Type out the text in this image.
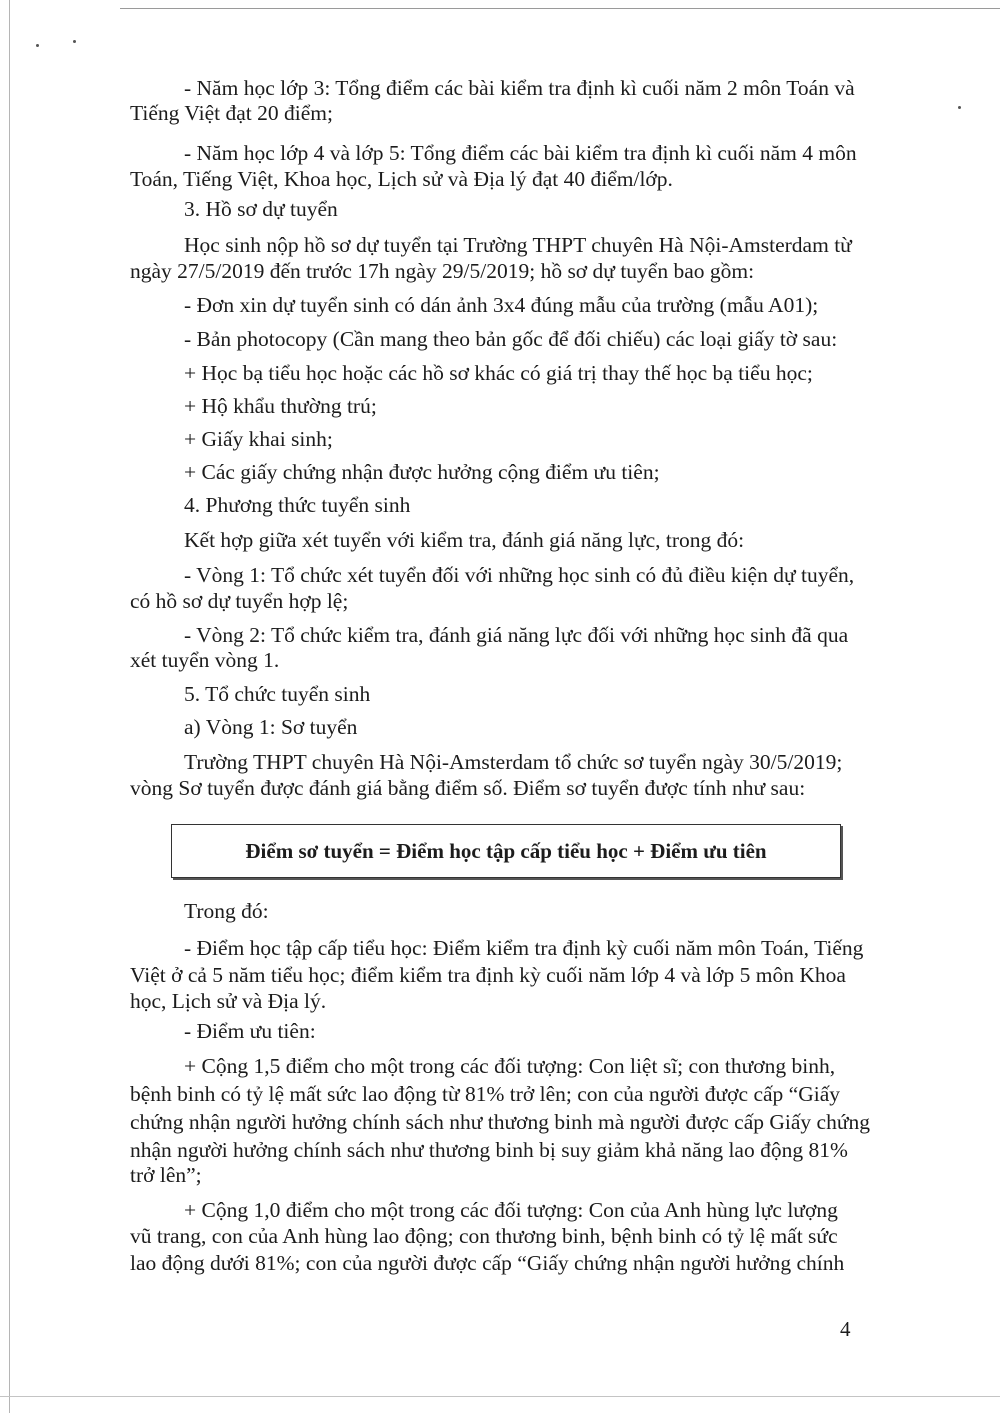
- Năm học lớp 3: Tổng điểm các bài kiểm tra định kì cuối năm 2 môn Toán và
Tiếng Việt đạt 20 điểm;
- Năm học lớp 4 và lớp 5: Tổng điểm các bài kiểm tra định kì cuối năm 4 môn
Toán, Tiếng Việt, Khoa học, Lịch sử và Địa lý đạt 40 điểm/lớp.
3. Hồ sơ dự tuyển
Học sinh nộp hồ sơ dự tuyển tại Trường THPT chuyên Hà Nội-Amsterdam từ
ngày 27/5/2019 đến trước 17h ngày 29/5/2019; hồ sơ dự tuyển bao gồm:
- Đơn xin dự tuyển sinh có dán ảnh 3x4 đúng mẫu của trường (mẫu A01);
- Bản photocopy (Cần mang theo bản gốc để đối chiếu) các loại giấy tờ sau:
+ Học bạ tiểu học hoặc các hồ sơ khác có giá trị thay thế học bạ tiểu học;
+ Hộ khẩu thường trú;
+ Giấy khai sinh;
+ Các giấy chứng nhận được hưởng cộng điểm ưu tiên;
4. Phương thức tuyển sinh
Kết hợp giữa xét tuyển với kiểm tra, đánh giá năng lực, trong đó:
- Vòng 1: Tổ chức xét tuyển đối với những học sinh có đủ điều kiện dự tuyển,
có hồ sơ dự tuyển hợp lệ;
- Vòng 2: Tổ chức kiểm tra, đánh giá năng lực đối với những học sinh đã qua
xét tuyển vòng 1.
5. Tổ chức tuyển sinh
a) Vòng 1: Sơ tuyển
Trường THPT chuyên Hà Nội-Amsterdam tổ chức sơ tuyển ngày 30/5/2019;
vòng Sơ tuyển được đánh giá bằng điểm số. Điểm sơ tuyển được tính như sau:
Điểm sơ tuyển = Điểm học tập cấp tiểu học + Điểm ưu tiên
Trong đó:
- Điểm học tập cấp tiểu học: Điểm kiểm tra định kỳ cuối năm môn Toán, Tiếng
Việt ở cả 5 năm tiểu học; điểm kiểm tra định kỳ cuối năm lớp 4 và lớp 5 môn Khoa
học, Lịch sử và Địa lý.
- Điểm ưu tiên:
+ Cộng 1,5 điểm cho một trong các đối tượng: Con liệt sĩ; con thương binh,
bệnh binh có tỷ lệ mất sức lao động từ 81% trở lên; con của người được cấp “Giấy
chứng nhận người hưởng chính sách như thương binh mà người được cấp Giấy chứng
nhận người hưởng chính sách như thương binh bị suy giảm khả năng lao động 81%
trở lên”;
+ Cộng 1,0 điểm cho một trong các đối tượng: Con của Anh hùng lực lượng
vũ trang, con của Anh hùng lao động; con thương binh, bệnh binh có tỷ lệ mất sức
lao động dưới 81%; con của người được cấp “Giấy chứng nhận người hưởng chính
4
